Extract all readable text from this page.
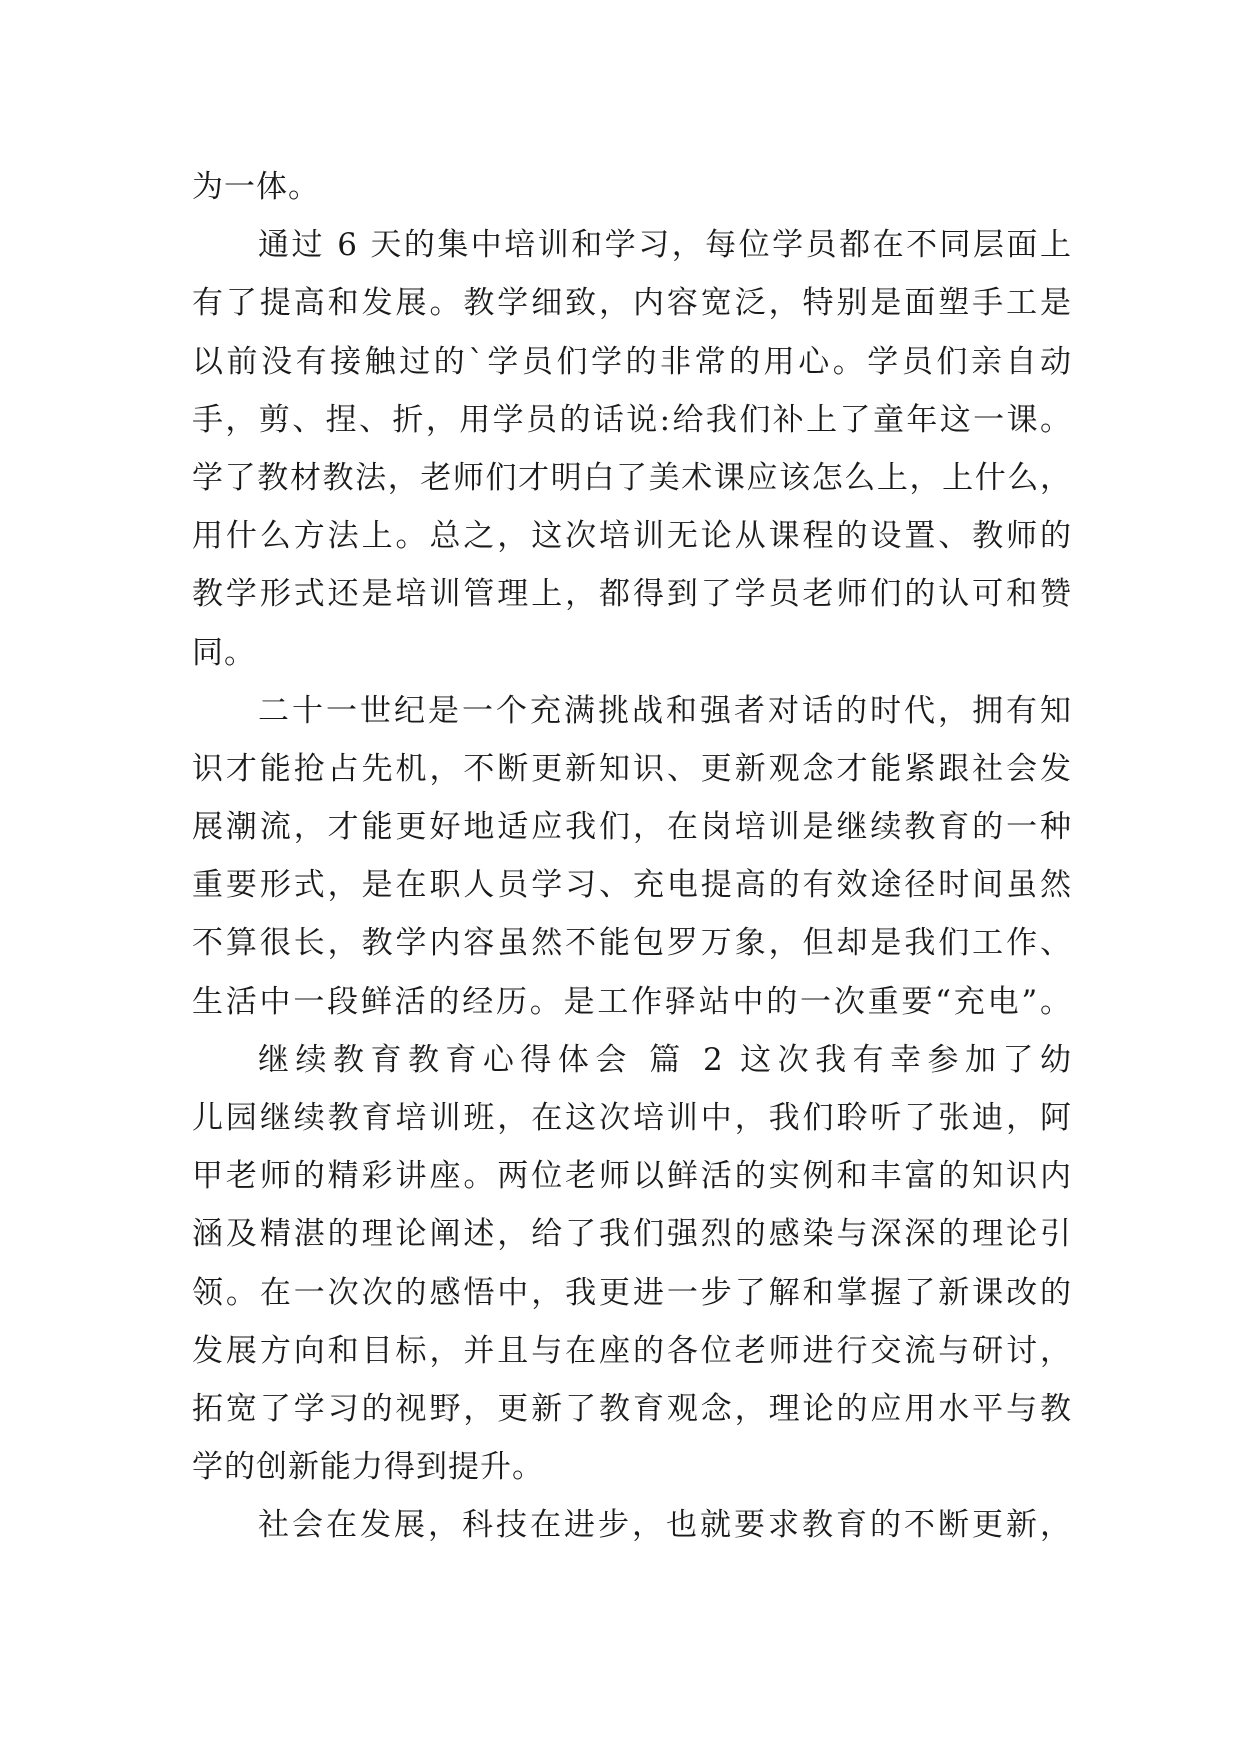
为一体。
通过 6 天的集中培训和学习，每位学员都在不同层面上
有了提高和发展。教学细致，内容宽泛，特别是面塑手工是
以前没有接触过的`学员们学的非常的用心。学员们亲自动
手，剪、捏、折，用学员的话说:给我们补上了童年这一课。
学了教材教法，老师们才明白了美术课应该怎么上，上什么，
用什么方法上。总之，这次培训无论从课程的设置、教师的
教学形式还是培训管理上，都得到了学员老师们的认可和赞
同。
二十一世纪是一个充满挑战和强者对话的时代，拥有知
识才能抢占先机，不断更新知识、更新观念才能紧跟社会发
展潮流，才能更好地适应我们，在岗培训是继续教育的一种
重要形式，是在职人员学习、充电提高的有效途径时间虽然
不算很长，教学内容虽然不能包罗万象，但却是我们工作、
生活中一段鲜活的经历。是工作驿站中的一次重要“充电”。
继续教育教育心得体会 篇 2 这次我有幸参加了幼
儿园继续教育培训班，在这次培训中，我们聆听了张迪，阿
甲老师的精彩讲座。两位老师以鲜活的实例和丰富的知识内
涵及精湛的理论阐述，给了我们强烈的感染与深深的理论引
领。在一次次的感悟中，我更进一步了解和掌握了新课改的
发展方向和目标，并且与在座的各位老师进行交流与研讨，
拓宽了学习的视野，更新了教育观念，理论的应用水平与教
学的创新能力得到提升。
社会在发展，科技在进步，也就要求教育的不断更新，
